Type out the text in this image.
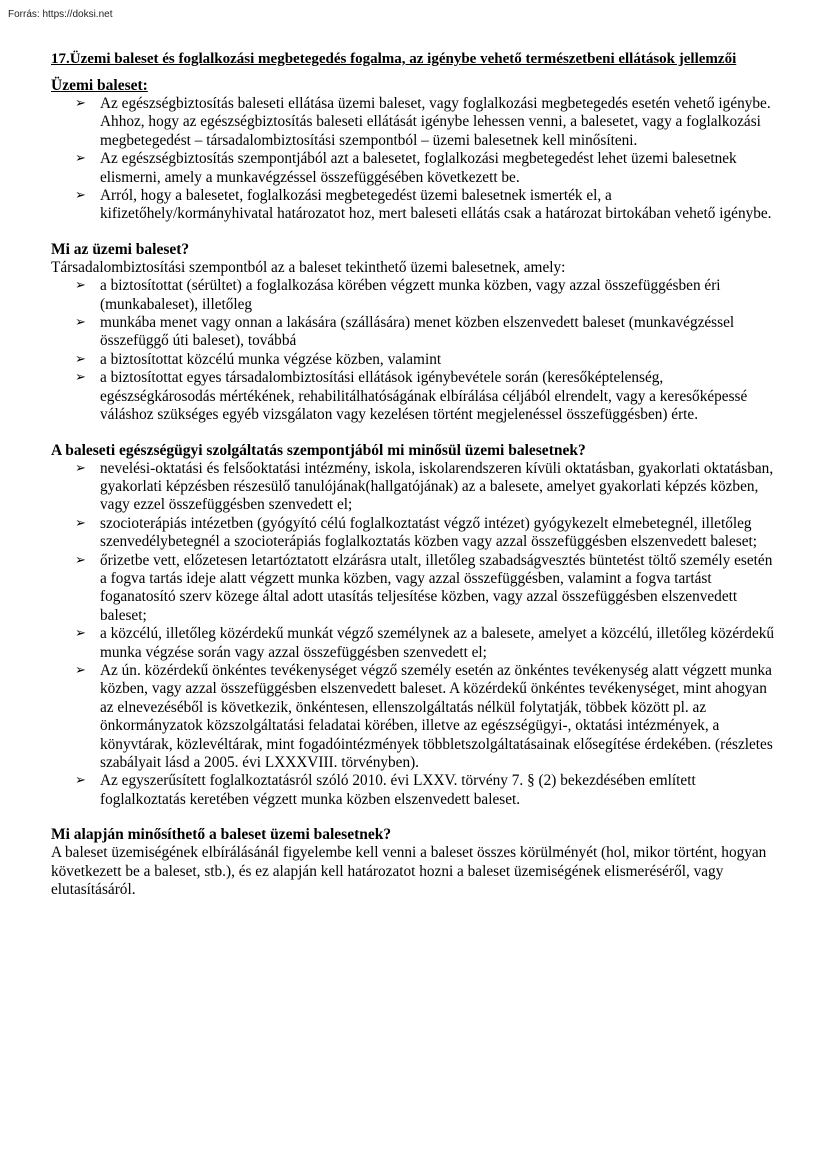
Forrás: https://doksi.net

17.Üzemi baleset és foglalkozási megbetegedés fogalma, az igénybe vehető természetbeni ellátások jellemzői

Üzemi baleset:

➢ Az egészségbiztosítás baleseti ellátása üzemi baleset, vagy foglalkozási megbetegedés esetén vehető igénybe. Ahhoz, hogy az egészségbiztosítás baleseti ellátását igénybe lehessen venni, a balesetet, vagy a foglalkozási megbetegedést – társadalombiztosítási szempontból – üzemi balesetnek kell minősíteni.
➢ Az egészségbiztosítás szempontjából azt a balesetet, foglalkozási megbetegedést lehet üzemi balesetnek elismerni, amely a munkavégzéssel összefüggésében következett be.
➢ Arról, hogy a balesetet, foglalkozási megbetegedést üzemi balesetnek ismerték el, a kifizetőhely/kormányhivatal határozatot hoz, mert baleseti ellátás csak a határozat birtokában vehető igénybe.

Mi az üzemi baleset?

Társadalombiztosítási szempontból az a baleset tekinthető üzemi balesetnek, amely:

➢ a biztosítottat (sérültet) a foglalkozása körében végzett munka közben, vagy azzal összefüggésben éri (munkabaleset), illetőleg
➢ munkába menet vagy onnan a lakására (szállására) menet közben elszenvedett baleset (munkavégzéssel összefüggő úti baleset), továbbá
➢ a biztosítottat közcélú munka végzése közben, valamint
➢ a biztosítottat egyes társadalombiztosítási ellátások igénybevétele során (keresőképtelenség, egészségkárosodás mértékének, rehabilitálhatóságának elbírálása céljából elrendelt, vagy a keresőképessé váláshoz szükséges egyéb vizsgálaton vagy kezelésen történt megjelenéssel összefüggésben) érte.

A baleseti egészségügyi szolgáltatás szempontjából mi minősül üzemi balesetnek?

➢ nevelési-oktatási és felsőoktatási intézmény, iskola, iskolarendszeren kívüli oktatásban, gyakorlati oktatásban, gyakorlati képzésben részesülő tanulójának(hallgatójának) az a balesete, amelyet gyakorlati képzés közben, vagy ezzel összefüggésben szenvedett el;
➢ szocioterápiás intézetben (gyógyító célú foglalkoztatást végző intézet) gyógykezelt elmebetegnél, illetőleg szenvedélybetegnél a szocioterápiás foglalkoztatás közben vagy azzal összefüggésben elszenvedett baleset;
➢ őrizetbe vett, előzetesen letartóztatott elzárásra utalt, illetőleg szabadságvesztés büntetést töltő személy esetén a fogva tartás ideje alatt végzett munka közben, vagy azzal összefüggésben, valamint a fogva tartást foganatosító szerv közege által adott utasítás teljesítése közben, vagy azzal összefüggésben elszenvedett baleset;
➢ a közcélú, illetőleg közérdekű munkát végző személynek az a balesete, amelyet a közcélú, illetőleg közérdekű munka végzése során vagy azzal összefüggésben szenvedett el;
➢ Az ún. közérdekű önkéntes tevékenységet végző személy esetén az önkéntes tevékenység alatt végzett munka közben, vagy azzal összefüggésben elszenvedett baleset. A közérdekű önkéntes tevékenységet, mint ahogyan az elnevezéséből is következik, önkéntesen, ellenszolgáltatás nélkül folytatják, többek között pl. az önkormányzatok közszolgáltatási feladatai körében, illetve az egészségügyi-, oktatási intézmények, a könyvtárak, közlevéltárak, mint fogadóintézmények többletszolgáltatásainak elősegítése érdekében. (részletes szabályait lásd a 2005. évi LXXXVIII. törvényben).
➢ Az egyszerűsített foglalkoztatásról szóló 2010. évi LXXV. törvény 7. § (2) bekezdésében említett foglalkoztatás keretében végzett munka közben elszenvedett baleset.

Mi alapján minősíthető a baleset üzemi balesetnek?

A baleset üzemiségének elbírálásánál figyelembe kell venni a baleset összes körülményét (hol, mikor történt, hogyan következett be a baleset, stb.), és ez alapján kell határozatot hozni a baleset üzemiségének elismeréséről, vagy elutasításáról.
